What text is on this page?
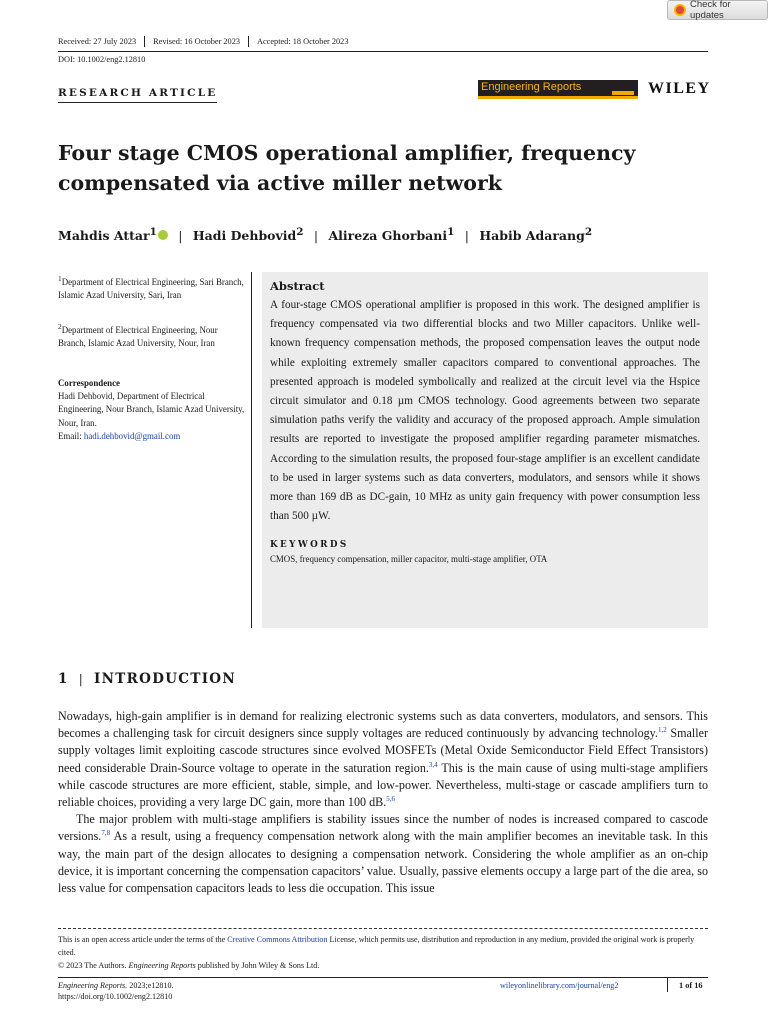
Check for updates
Received: 27 July 2023	Revised: 16 October 2023	Accepted: 18 October 2023
DOI: 10.1002/eng2.12810
RESEARCH ARTICLE	Engineering Reports	WILEY
Four stage CMOS operational amplifier, frequency compensated via active miller network
Mahdis Attar$^1$ | Hadi Dehbovid$^2$ | Alireza Ghorbani$^1$ | Habib Adarang$^2$
$^1$Department of Electrical Engineering, Sari Branch, Islamic Azad University, Sari, Iran
$^2$Department of Electrical Engineering, Nour Branch, Islamic Azad University, Nour, Iran
Correspondence
Hadi Dehbovid, Department of Electrical Engineering, Nour Branch, Islamic Azad University, Nour, Iran.
Email: hadi.dehbovid@gmail.com
Abstract
A four-stage CMOS operational amplifier is proposed in this work. The designed amplifier is frequency compensated via two differential blocks and two Miller capacitors. Unlike well-known frequency compensation methods, the proposed compensation leaves the output node while exploiting extremely smaller capacitors compared to conventional approaches. The presented approach is modeled symbolically and realized at the circuit level via the Hspice circuit simulator and 0.18 µm CMOS technology. Good agreements between two separate simulation paths verify the validity and accuracy of the proposed approach. Ample simulation results are reported to investigate the proposed amplifier regarding parameter mismatches. According to the simulation results, the proposed four-stage amplifier is an excellent candidate to be used in larger systems such as data converters, modulators, and sensors while it shows more than 169 dB as DC-gain, 10 MHz as unity gain frequency with power consumption less than 500 µW.
KEYWORDS
CMOS, frequency compensation, miller capacitor, multi-stage amplifier, OTA
1 | INTRODUCTION

Nowadays, high-gain amplifier is in demand for realizing electronic systems such as data converters, modulators, and sensors. This becomes a challenging task for circuit designers since supply voltages are reduced continuously by advancing technology.$^{1,2}$ Smaller supply voltages limit exploiting cascode structures since evolved MOSFETs (Metal Oxide Semiconductor Field Effect Transistors) need considerable Drain-Source voltage to operate in the saturation region.$^{3,4}$ This is the main cause of using multi-stage amplifiers while cascode structures are more efficient, stable, simple, and low-power. Nevertheless, multi-stage or cascade amplifiers turn to reliable choices, providing a very large DC gain, more than 100 dB.$^{5,6}$

The major problem with multi-stage amplifiers is stability issues since the number of nodes is increased compared to cascode versions.$^{7,8}$ As a result, using a frequency compensation network along with the main amplifier becomes an inevitable task. In this way, the main part of the design allocates to designing a compensation network. Considering the whole amplifier as an on-chip device, it is important concerning the compensation capacitors’ value. Usually, passive elements occupy a large part of the die area, so less value for compensation capacitors leads to less die occupation. This issue

This is an open access article under the terms of the Creative Commons Attribution License, which permits use, distribution and reproduction in any medium, provided the original work is properly cited.
© 2023 The Authors. Engineering Reports published by John Wiley & Sons Ltd.
Engineering Reports. 2023;e12810.
https://doi.org/10.1002/eng2.12810
wileyonlinelibrary.com/journal/eng2	1 of 16
